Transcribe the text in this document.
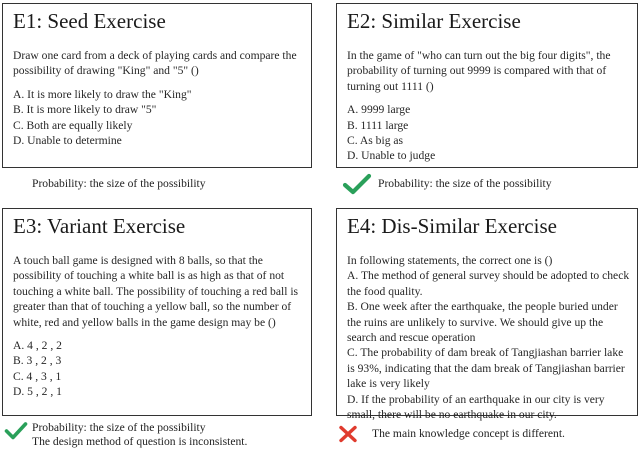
E1: Seed Exercise

Draw one card from a deck of playing cards and compare the possibility of drawing "King" and "5" ()

A. It is more likely to draw the "King"

B. It is more likely to draw "5"

C. Both are equally likely

D. Unable to determine

E2: Similar Exercise

In the game of "who can turn out the big four digits", the probability of turning out 9999 is compared with that of turning out 1111 ()

A. 9999 large

B. 1111 large

C. As big as

D. Unable to judge

E3: Variant Exercise

A touch ball game is designed with 8 balls, so that the possibility of touching a white ball is as high as that of not touching a white ball. The possibility of touching a red ball is greater than that of touching a yellow ball, so the number of white, red and yellow balls in the game design may be ()

A. 4 , 2 , 2

B. 3 , 2 , 3

C. 4 , 3 , 1

D. 5 , 2 , 1

E4: Dis-Similar Exercise

In following statements, the correct one is ()

A. The method of general survey should be adopted to check the food quality.

B. One week after the earthquake, the people buried under the ruins are unlikely to survive. We should give up the search and rescue operation

C. The probability of dam break of Tangjiashan barrier lake is 93%, indicating that the dam break of Tangjiashan barrier lake is very likely

D. If the probability of an earthquake in our city is very small, there will be no earthquake in our city.

Probability: the size of the possibility	Probability: the size of the possibility
Probability: the size of the possibility
The design method of question is inconsistent.
The main knowledge concept is different.
